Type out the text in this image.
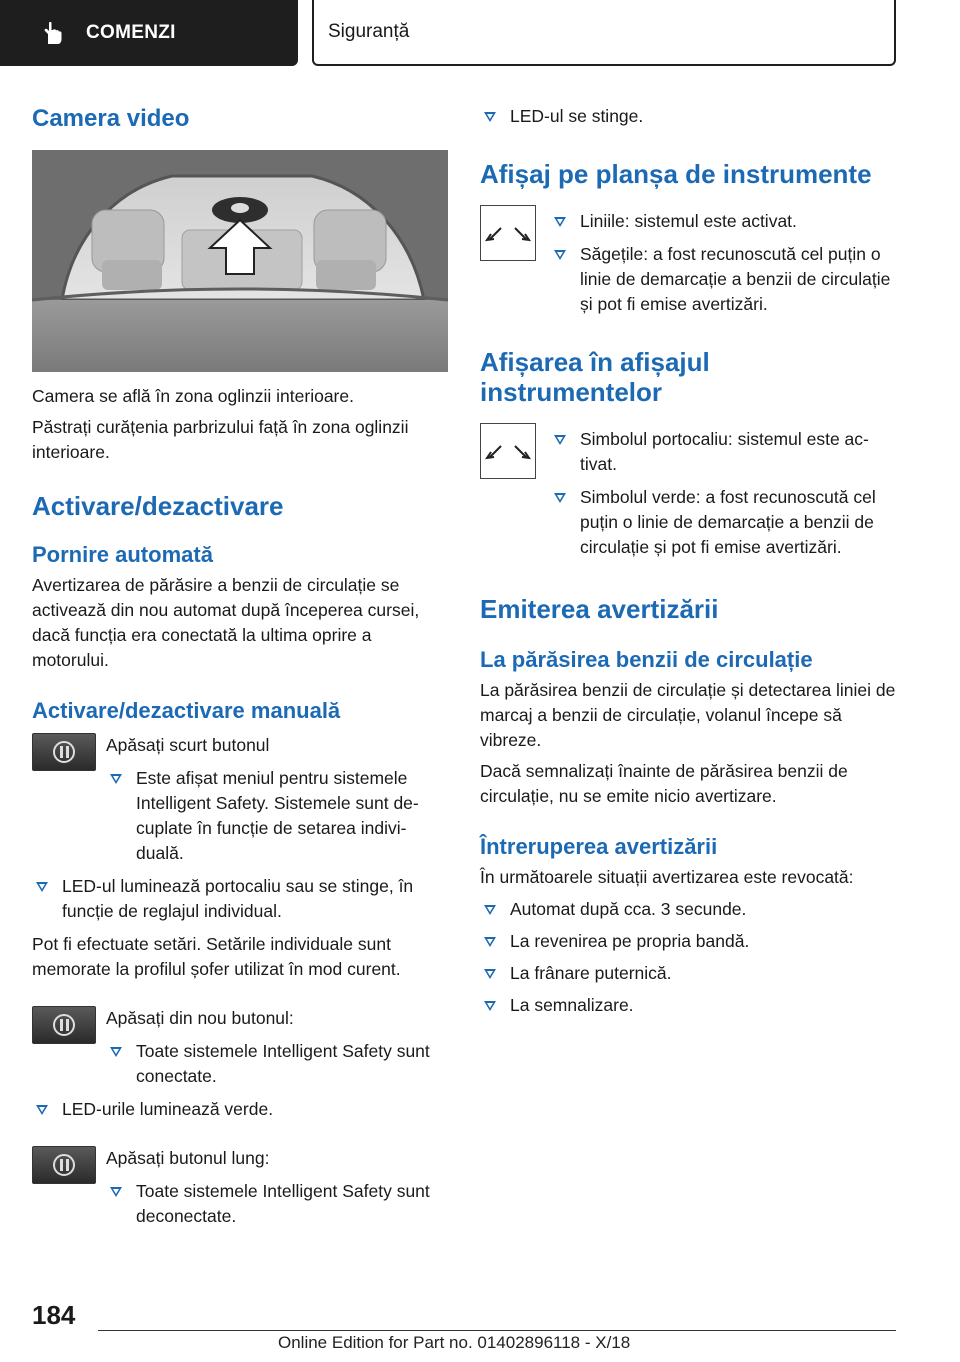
COMENZI	Siguranță
Camera video

Camera se află în zona oglinzii interioare.

Păstrați curățenia parbrizului față în zona oglinzii interioare.

Activare/dezactivare
Pornire automată

Avertizarea de părăsire a benzii de circulație se activează din nou automat după începerea cursei, dacă funcția era conectată la ultima oprire a motorului.

Activare/dezactivare manuală

Apăsați scurt butonul

Este afișat meniul pentru sistemele Intelligent Safety. Sistemele sunt decuplate în funcție de setarea individuală.
LED-ul luminează portocaliu sau se stinge, în funcție de reglajul individual.

Pot fi efectuate setări. Setările individuale sunt memorate la profilul șofer utilizat în mod curent.

Apăsați din nou butonul:

Toate sistemele Intelligent Safety sunt conectate.
LED-urile luminează verde.

Apăsați butonul lung:

Toate sistemele Intelligent Safety sunt deconectate.
LED-ul se stinge.
Afișaj pe planșa de instrumente
Liniile: sistemul este activat.
Săgețile: a fost recunoscută cel puțin o linie de demarcație a benzii de circulație și pot fi emise avertizări.
Afișarea în afișajul instrumentelor
Simbolul portocaliu: sistemul este activat.
Simbolul verde: a fost recunoscută cel puțin o linie de demarcație a benzii de circulație și pot fi emise avertizări.
Emiterea avertizării
La părăsirea benzii de circulație

La părăsirea benzii de circulație și detectarea liniei de marcaj a benzii de circulație, volanul începe să vibreze.

Dacă semnalizați înainte de părăsirea benzii de circulație, nu se emite nicio avertizare.

Întreruperea avertizării

În următoarele situații avertizarea este revocată:

Automat după cca. 3 secunde.
La revenirea pe propria bandă.
La frânare puternică.
La semnalizare.
184
Online Edition for Part no. 01402896118 - X/18
